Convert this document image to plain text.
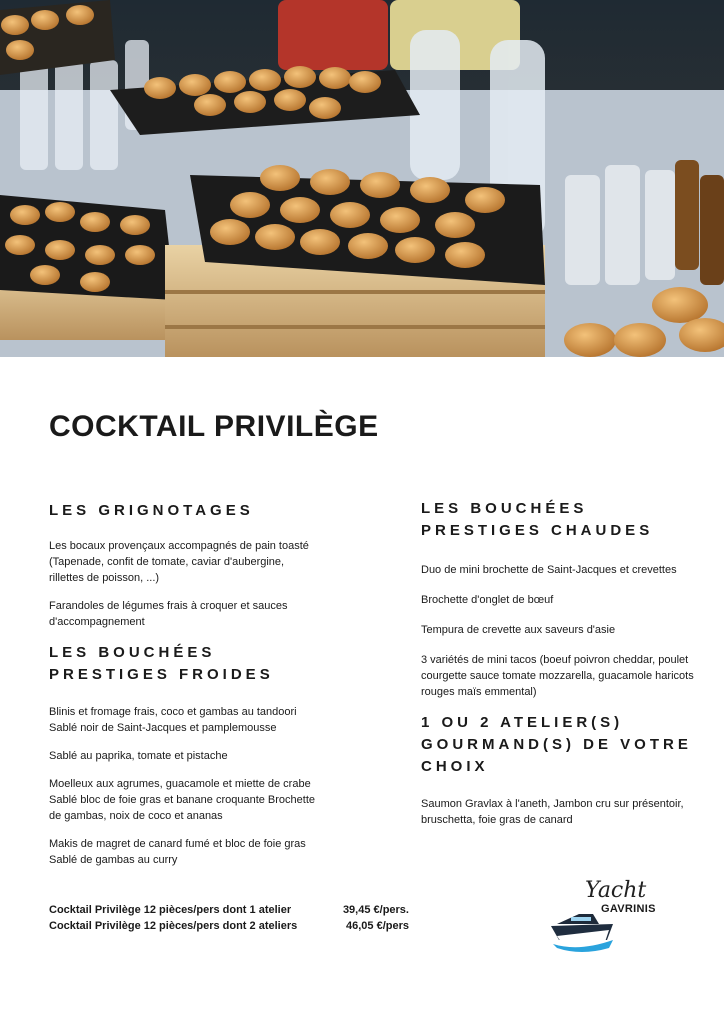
COCKTAIL PRIVILÈGE
LES GRIGNOTAGES

Les bocaux provençaux accompagnés de pain toasté (Tapenade, confit de tomate, caviar d'aubergine, rillettes de poisson, ...)

Farandoles de légumes frais à croquer et sauces d'accompagnement

LES BOUCHÉES
PRESTIGES FROIDES

Blinis et fromage frais, coco et gambas au tandoori Sablé noir de Saint-Jacques et pamplemousse

Sablé au paprika, tomate et pistache

Moelleux aux agrumes, guacamole et miette de crabe Sablé bloc de foie gras et banane croquante Brochette de gambas, noix de coco et ananas

Makis de magret de canard fumé et bloc de foie gras Sablé de gambas au curry

LES BOUCHÉES
PRESTIGES CHAUDES

Duo de mini brochette de Saint-Jacques et crevettes

Brochette d'onglet de bœuf

Tempura de crevette aux saveurs d'asie

3 variétés de mini tacos (boeuf poivron cheddar, poulet courgette sauce tomate mozzarella, guacamole haricots rouges maïs emmental)

1 OU 2 ATELIER(S)
GOURMAND(S) DE VOTRE
CHOIX

Saumon Gravlax à l'aneth, Jambon cru sur présentoir, bruschetta, foie gras de canard

Cocktail Privilège 12 pièces/pers dont 1 atelier	39,45 €/pers.
Cocktail Privilège 12 pièces/pers dont 2 ateliers	46,05 €/pers
Yacht
GAVRINIS
